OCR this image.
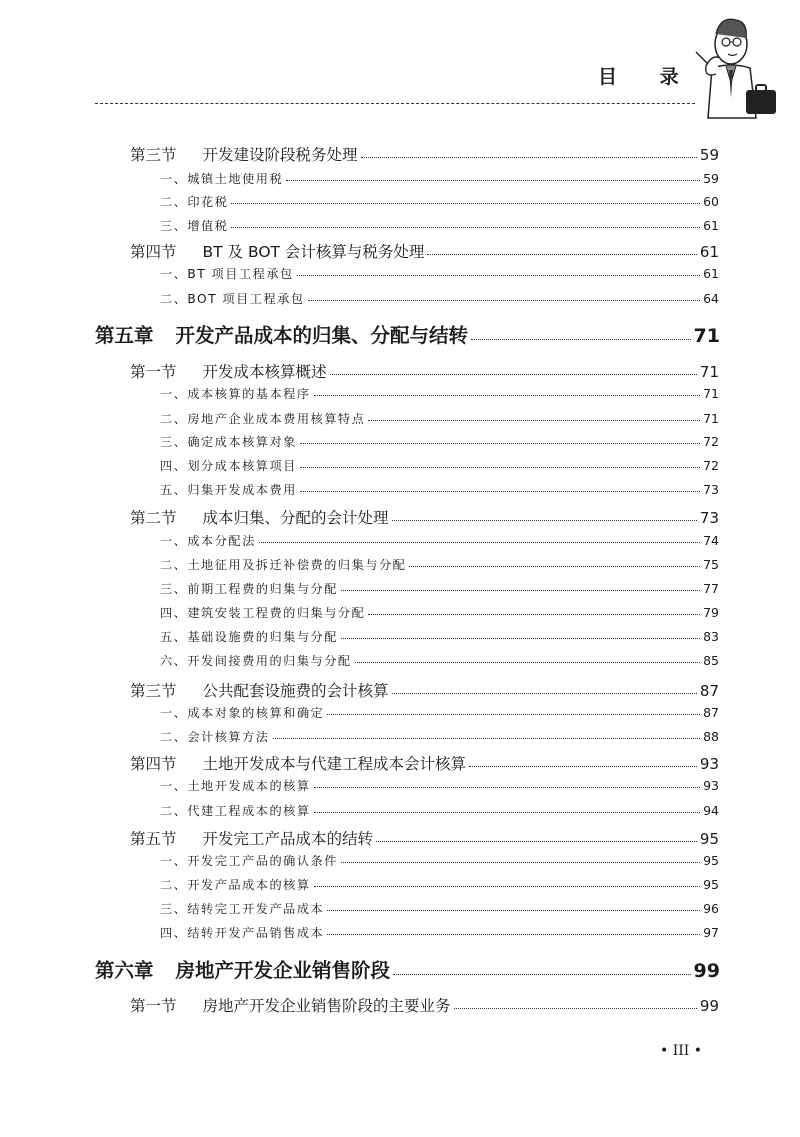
目 录
第三节 开发建设阶段税务处理	59
一、城镇土地使用税	59
二、印花税	60
三、增值税	61
第四节 BT 及 BOT 会计核算与税务处理	61
一、BT 项目工程承包	61
二、BOT 项目工程承包	64
第五章 开发产品成本的归集、分配与结转	71
第一节 开发成本核算概述	71
一、成本核算的基本程序	71
二、房地产企业成本费用核算特点	71
三、确定成本核算对象	72
四、划分成本核算项目	72
五、归集开发成本费用	73
第二节 成本归集、分配的会计处理	73
一、成本分配法	74
二、土地征用及拆迁补偿费的归集与分配	75
三、前期工程费的归集与分配	77
四、建筑安装工程费的归集与分配	79
五、基础设施费的归集与分配	83
六、开发间接费用的归集与分配	85
第三节 公共配套设施费的会计核算	87
一、成本对象的核算和确定	87
二、会计核算方法	88
第四节 土地开发成本与代建工程成本会计核算	93
一、土地开发成本的核算	93
二、代建工程成本的核算	94
第五节 开发完工产品成本的结转	95
一、开发完工产品的确认条件	95
二、开发产品成本的核算	95
三、结转完工开发产品成本	96
四、结转开发产品销售成本	97
第六章 房地产开发企业销售阶段	99
第一节 房地产开发企业销售阶段的主要业务	99
• III •
